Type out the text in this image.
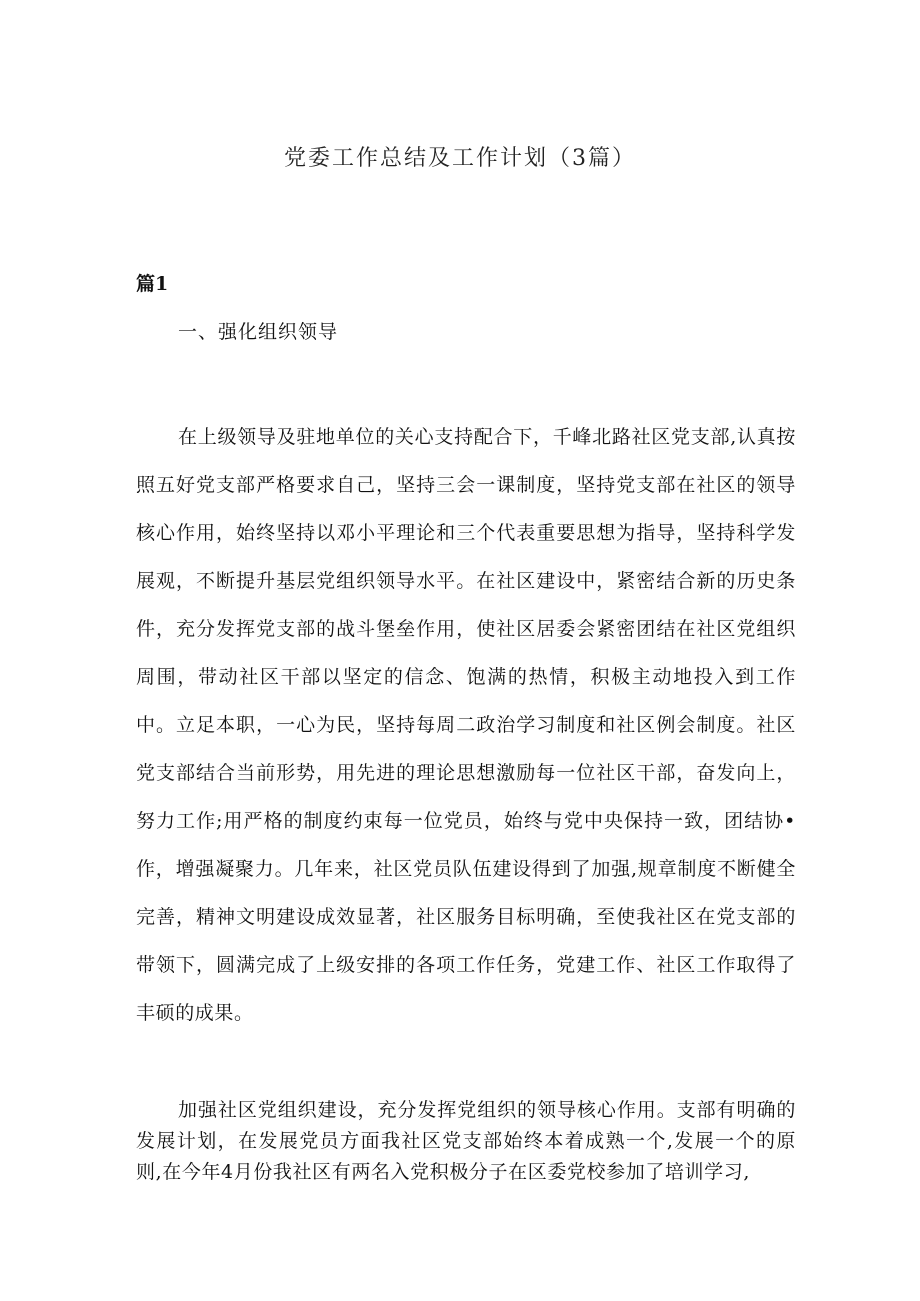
党委工作总结及工作计划（3篇）
篇1
一、强化组织领导

在上级领导及驻地单位的关心支持配合下，千峰北路社区党支部,认真按照五好党支部严格要求自己，坚持三会一课制度，坚持党支部在社区的领导核心作用，始终坚持以邓小平理论和三个代表重要思想为指导，坚持科学发展观，不断提升基层党组织领导水平。在社区建设中，紧密结合新的历史条件，充分发挥党支部的战斗堡垒作用，使社区居委会紧密团结在社区党组织周围，带动社区干部以坚定的信念、饱满的热情，积极主动地投入到工作中。立足本职，一心为民，坚持每周二政治学习制度和社区例会制度。社区党支部结合当前形势，用先进的理论思想激励每一位社区干部，奋发向上，努力工作;用严格的制度约束每一位党员，始终与党中央保持一致，团结协•作，增强凝聚力。几年来，社区党员队伍建设得到了加强,规章制度不断健全完善，精神文明建设成效显著，社区服务目标明确，至使我社区在党支部的带领下，圆满完成了上级安排的各项工作任务，党建工作、社区工作取得了丰硕的成果。

加强社区党组织建设，充分发挥党组织的领导核心作用。支部有明确的发展计划，在发展党员方面我社区党支部始终本着成熟一个,发展一个的原则,在今年4月份我社区有两名入党积极分子在区委党校参加了培训学习,
